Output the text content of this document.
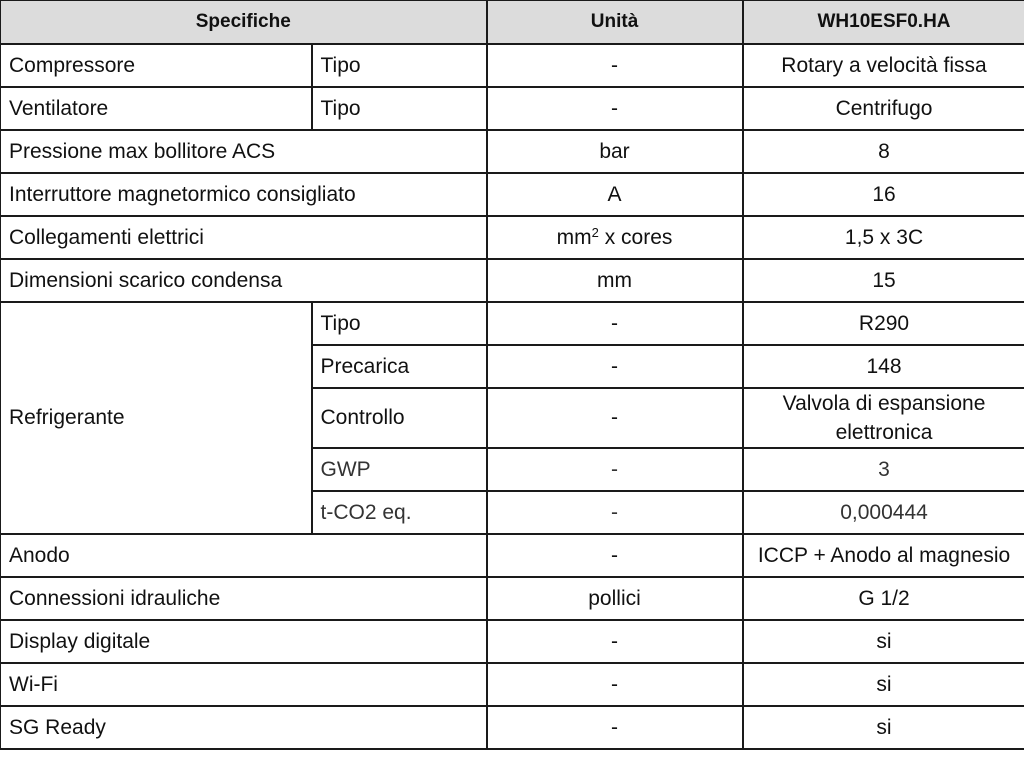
Specifiche		Unità	WH10ESF0.HA
Compressore	Tipo	-	Rotary a velocità fissa
Ventilatore	Tipo	-	Centrifugo
Pressione max bollitore ACS		bar	8
Interruttore magnetormico consigliato		A	16
Collegamenti elettrici		$mm^2$ x cores	1,5 x 3C
Dimensioni scarico condensa		mm	15
Refrigerante	Tipo	-	R290
	Precarica	-	148
	Controllo	-	Valvola di espansione
elettronica
	GWP	-	3
	t-CO2 eq.	-	0,000444
Anodo		-	ICCP + Anodo al magnesio
Connessioni idrauliche		pollici	G 1/2
Display digitale		-	si
Wi-Fi		-	si
SG Ready		-	si
